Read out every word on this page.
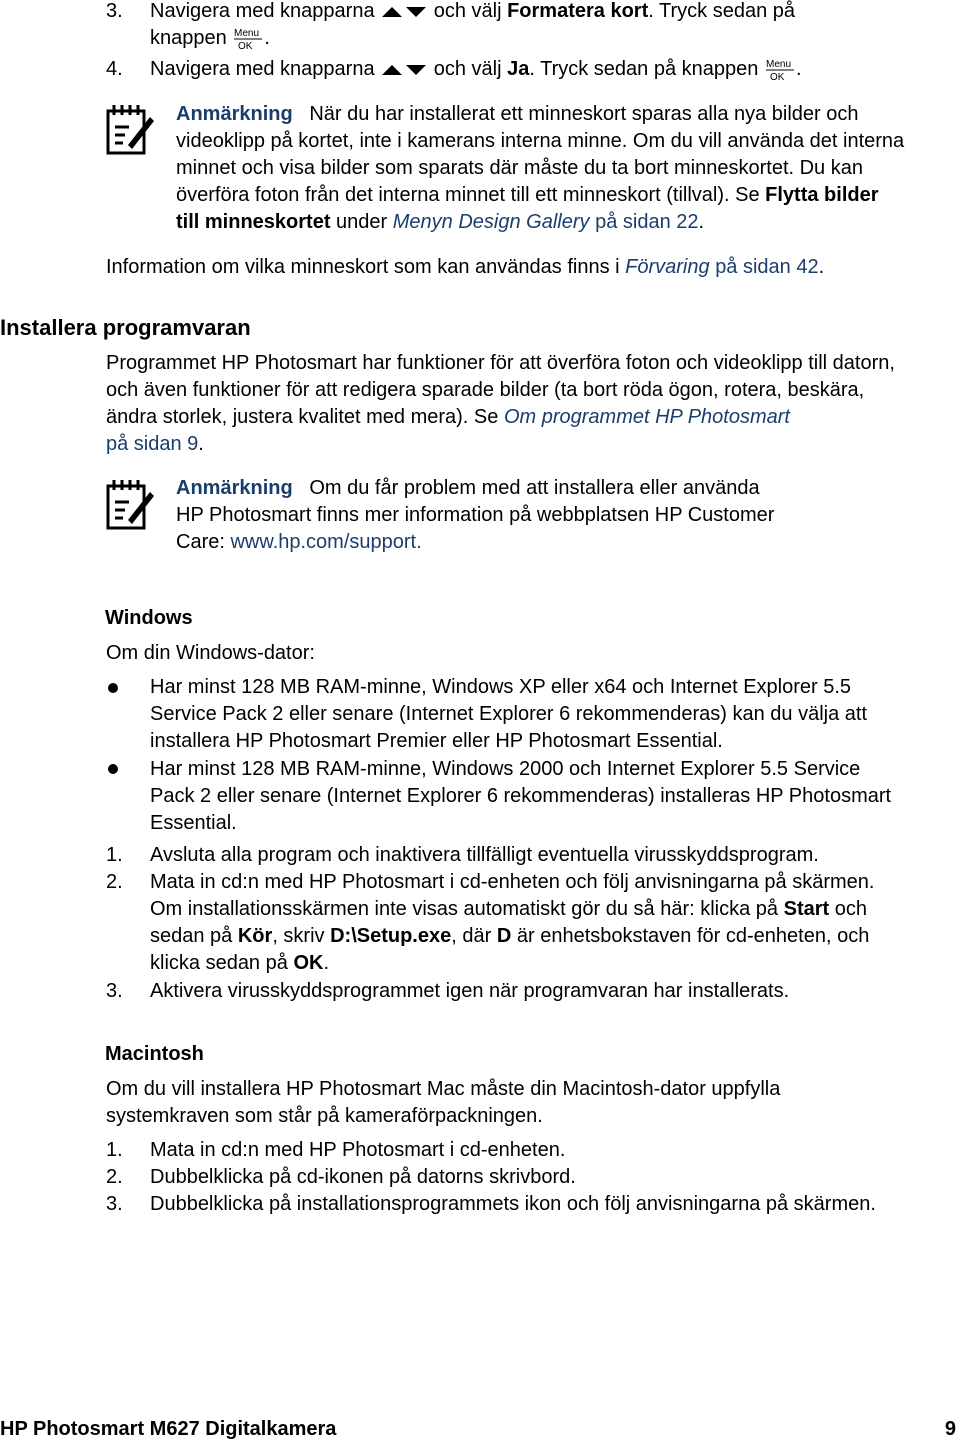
3. Navigera med knapparna	och välj Formatera kort. Tryck sedan på
knappen Menu
OK .
4. Navigera med knapparna	och välj Ja. Tryck sedan på knappen Menu
OK .
Anmärkning När du har installerat ett minneskort sparas alla nya bilder och
videoklipp på kortet, inte i kamerans interna minne. Om du vill använda det interna
minnet och visa bilder som sparats där måste du ta bort minneskortet. Du kan
överföra foton från det interna minnet till ett minneskort (tillval). Se Flytta bilder
till minneskortet under Menyn Design Gallery på sidan 22.
Information om vilka minneskort som kan användas finns i Förvaring på sidan 42.
Installera programvaran
Programmet HP Photosmart har funktioner för att överföra foton och videoklipp till datorn,
och även funktioner för att redigera sparade bilder (ta bort röda ögon, rotera, beskära,
ändra storlek, justera kvalitet med mera). Se Om programmet HP Photosmart
på sidan 9.
Anmärkning Om du får problem med att installera eller använda
HP Photosmart finns mer information på webbplatsen HP Customer
Care: www.hp.com/support.
Windows
Om din Windows-dator:
Har minst 128 MB RAM-minne, Windows XP eller x64 och Internet Explorer 5.5
Service Pack 2 eller senare (Internet Explorer 6 rekommenderas) kan du välja att
installera HP Photosmart Premier eller HP Photosmart Essential.
Har minst 128 MB RAM-minne, Windows 2000 och Internet Explorer 5.5 Service
Pack 2 eller senare (Internet Explorer 6 rekommenderas) installeras HP Photosmart
Essential.
1. Avsluta alla program och inaktivera tillfälligt eventuella virusskyddsprogram.
2. Mata in cd:n med HP Photosmart i cd-enheten och följ anvisningarna på skärmen.
Om installationsskärmen inte visas automatiskt gör du så här: klicka på Start och
sedan på Kör, skriv D:\Setup.exe, där D är enhetsbokstaven för cd-enheten, och
klicka sedan på OK.
3. Aktivera virusskyddsprogrammet igen när programvaran har installerats.
Macintosh
Om du vill installera HP Photosmart Mac måste din Macintosh-dator uppfylla
systemkraven som står på kameraförpackningen.
1. Mata in cd:n med HP Photosmart i cd-enheten.
2. Dubbelklicka på cd-ikonen på datorns skrivbord.
3. Dubbelklicka på installationsprogrammets ikon och följ anvisningarna på skärmen.
HP Photosmart M627 Digitalkamera	9
